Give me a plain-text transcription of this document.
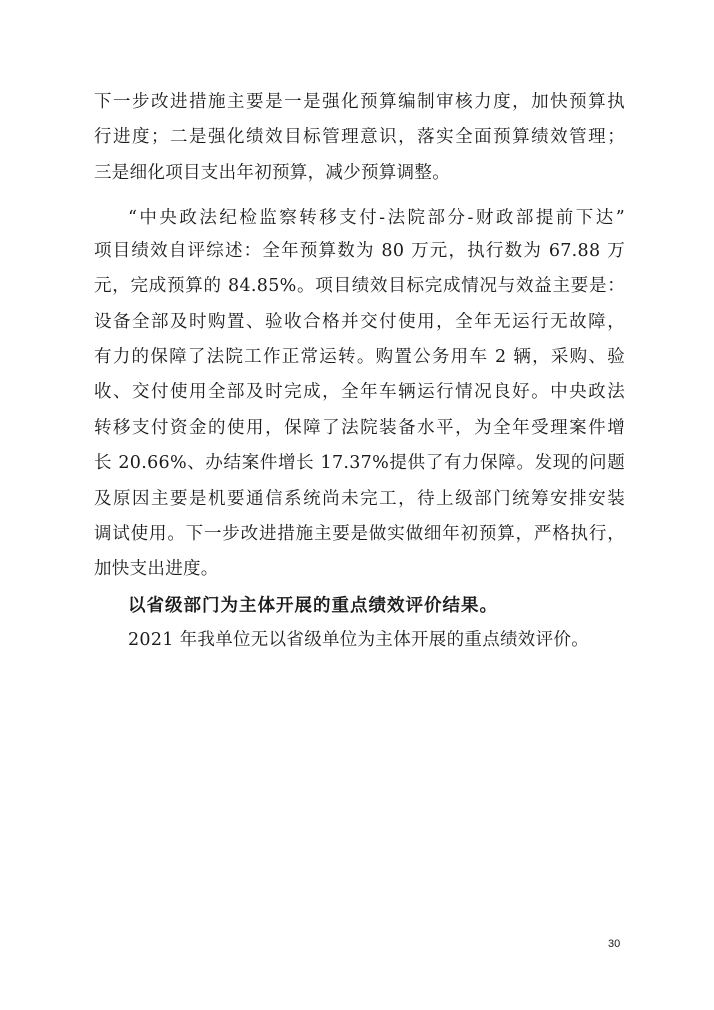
下一步改进措施主要是一是强化预算编制审核力度，加快预算执
行进度；二是强化绩效目标管理意识，落实全面预算绩效管理；
三是细化项目支出年初预算，减少预算调整。
“中央政法纪检监察转移支付-法院部分-财政部提前下达”
项目绩效自评综述：全年预算数为 80 万元，执行数为 67.88 万
元，完成预算的 84.85%。项目绩效目标完成情况与效益主要是：
设备全部及时购置、验收合格并交付使用，全年无运行无故障，
有力的保障了法院工作正常运转。购置公务用车 2 辆，采购、验
收、交付使用全部及时完成，全年车辆运行情况良好。中央政法
转移支付资金的使用，保障了法院装备水平，为全年受理案件增
长 20.66%、办结案件增长 17.37%提供了有力保障。发现的问题
及原因主要是机要通信系统尚未完工，待上级部门统筹安排安装
调试使用。下一步改进措施主要是做实做细年初预算，严格执行，
加快支出进度。
以省级部门为主体开展的重点绩效评价结果。
2021 年我单位无以省级单位为主体开展的重点绩效评价。
30
